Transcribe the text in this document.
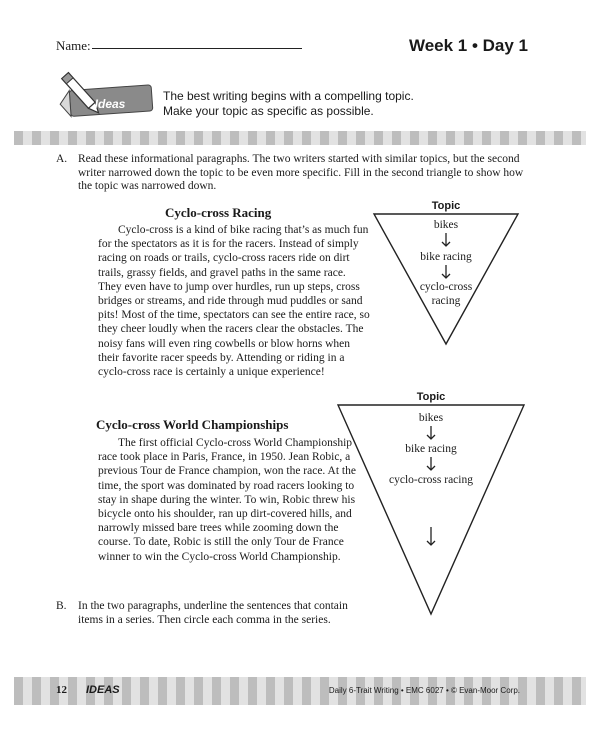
Name:	Week 1 • Day 1
Ideas
The best writing begins with a compelling topic.
Make your topic as specific as possible.
A. Read these informational paragraphs. The two writers started with similar topics, but the second writer narrowed down the topic to be even more specific. Fill in the second triangle to show how the topic was narrowed down.
Cyclo-cross Racing
Cyclo-cross is a kind of bike racing that’s as much fun for the spectators as it is for the racers. Instead of simply racing on roads or trails, cyclo-cross racers ride on dirt trails, grassy fields, and gravel paths in the same race. They even have to jump over hurdles, run up steps, cross bridges or streams, and ride through mud puddles or sand pits! Most of the time, spectators can see the entire race, so they cheer loudly when the racers clear the obstacles. The noisy fans will even ring cowbells or blow horns when their favorite racer speeds by. Attending or riding in a cyclo-cross race is certainly a unique experience!
Topic
bikes
bike racing
cyclo-cross
racing
Cyclo-cross World Championships
The first official Cyclo-cross World Championship race took place in Paris, France, in 1950. Jean Robic, a previous Tour de France champion, won the race. At the time, the sport was dominated by road racers looking to stay in shape during the winter. To win, Robic threw his bicycle onto his shoulder, ran up dirt-covered hills, and narrowly missed bare trees while zooming down the course. To date, Robic is still the only Tour de France winner to win the Cyclo-cross World Championship.
Topic
bikes
bike racing
cyclo-cross racing
B. In the two paragraphs, underline the sentences that contain items in a series. Then circle each comma in the series.
12 IDEAS	Daily 6-Trait Writing • EMC 6027 • © Evan-Moor Corp.
